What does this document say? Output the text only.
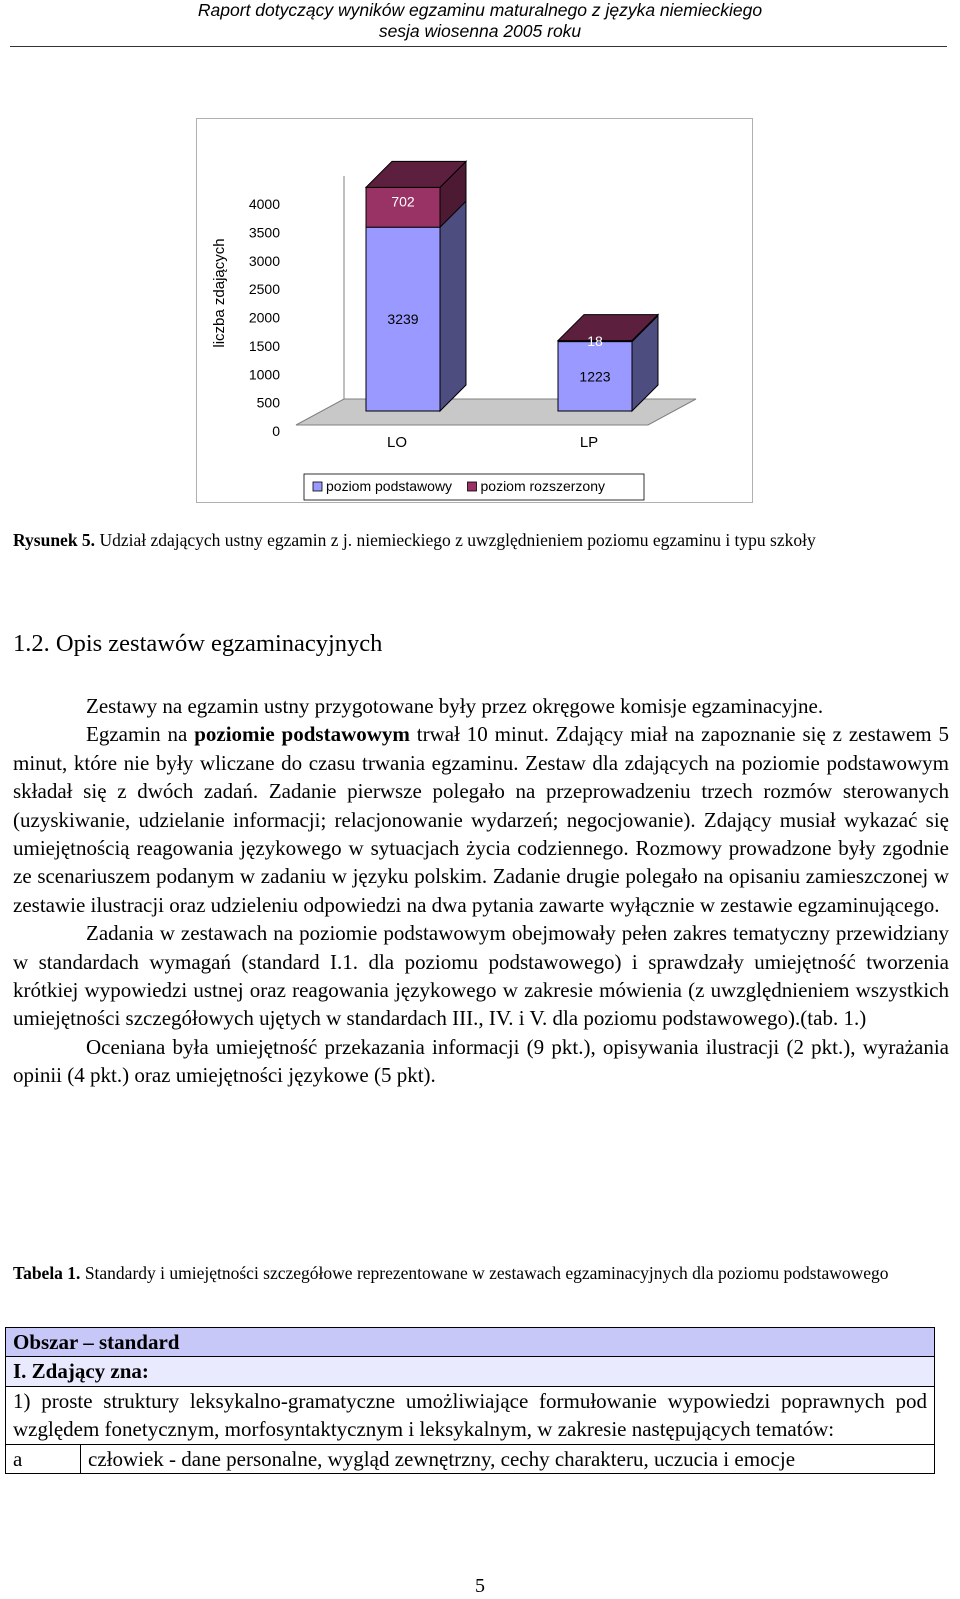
Raport dotyczący wyników egzaminu maturalnego z języka niemieckiego
sesja wiosenna 2005 roku
liczba zdających
0
500
1000
1500
2000
2500
3000
3500
4000
LO	LP
3239
702
1223
18
poziom podstawowy poziom rozszerzony
Rysunek 5. Udział zdających ustny egzamin z j. niemieckiego z uwzględnieniem poziomu egzaminu i typu szkoły
1.2. Opis zestawów egzaminacyjnych

Zestawy na egzamin ustny przygotowane były przez okręgowe komisje egzaminacyjne.

Egzamin na poziomie podstawowym trwał 10 minut. Zdający miał na zapoznanie się z zestawem 5 minut, które nie były wliczane do czasu trwania egzaminu. Zestaw dla zdających na poziomie podstawowym składał się z dwóch zadań. Zadanie pierwsze polegało na przeprowadzeniu trzech rozmów sterowanych (uzyskiwanie, udzielanie informacji; relacjonowanie wydarzeń; negocjowanie). Zdający musiał wykazać się umiejętnością reagowania językowego w sytuacjach życia codziennego. Rozmowy prowadzone były zgodnie ze scenariuszem podanym w zadaniu w języku polskim. Zadanie drugie polegało na opisaniu zamieszczonej w zestawie ilustracji oraz udzieleniu odpowiedzi na dwa pytania zawarte wyłącznie w zestawie egzaminującego.

Zadania w zestawach na poziomie podstawowym obejmowały pełen zakres tematyczny przewidziany w standardach wymagań (standard I.1. dla poziomu podstawowego) i sprawdzały umiejętność tworzenia krótkiej wypowiedzi ustnej oraz reagowania językowego w zakresie mówienia (z uwzględnieniem wszystkich umiejętności szczegółowych ujętych w standardach III., IV. i V. dla poziomu podstawowego).(tab. 1.)

Oceniana była umiejętność przekazania informacji (9 pkt.), opisywania ilustracji (2 pkt.), wyrażania opinii (4 pkt.) oraz umiejętności językowe (5 pkt).

Tabela 1. Standardy i umiejętności szczegółowe reprezentowane w zestawach egzaminacyjnych dla poziomu podstawowego
Obszar – standard
I. Zdający zna:
1) proste struktury leksykalno-gramatyczne umożliwiające formułowanie wypowiedzi poprawnych pod względem fonetycznym, morfosyntaktycznym i leksykalnym, w zakresie następujących tematów:
a	człowiek - dane personalne, wygląd zewnętrzny, cechy charakteru, uczucia i emocje
5
